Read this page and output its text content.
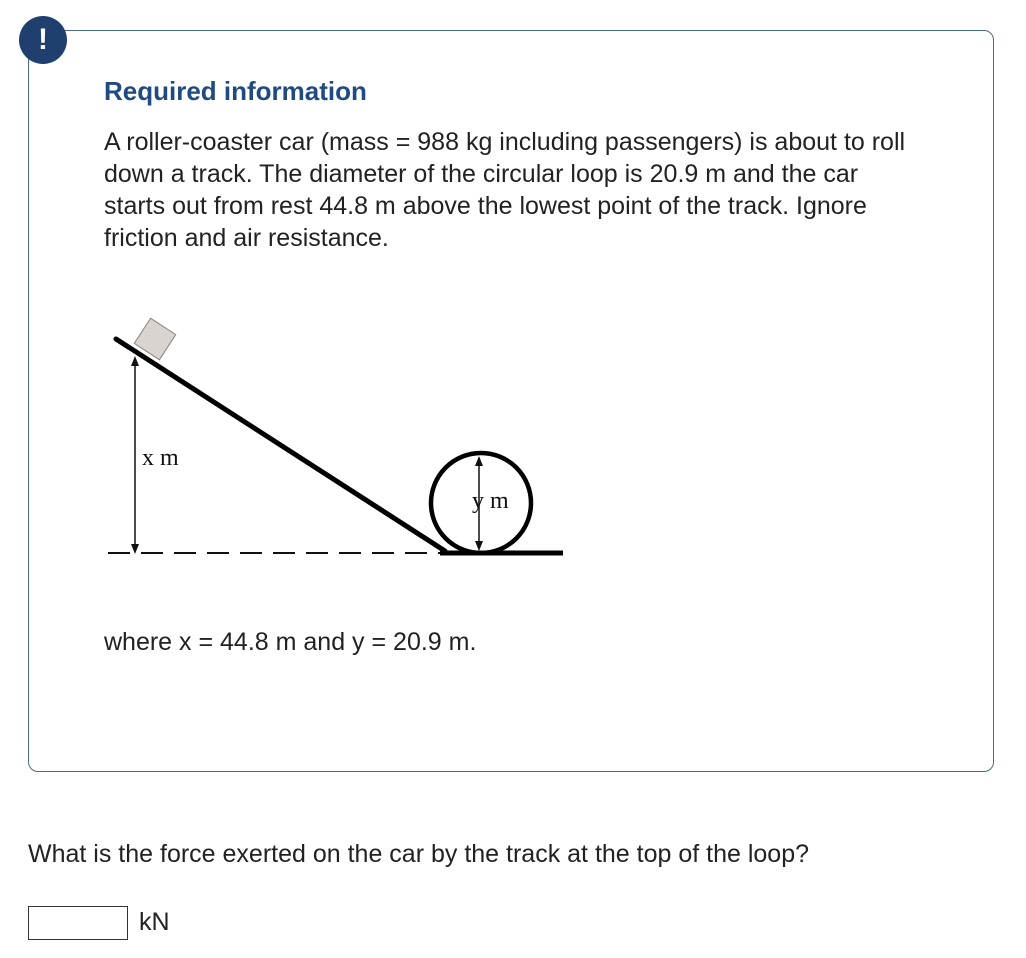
!
Required information

A roller-coaster car (mass = 988 kg including passengers) is about to roll down a track. The diameter of the circular loop is 20.9 m and the car starts out from rest 44.8 m above the lowest point of the track. Ignore friction and air resistance.

x m
y m

where x = 44.8 m and y = 20.9 m.

What is the force exerted on the car by the track at the top of the loop?

kN
